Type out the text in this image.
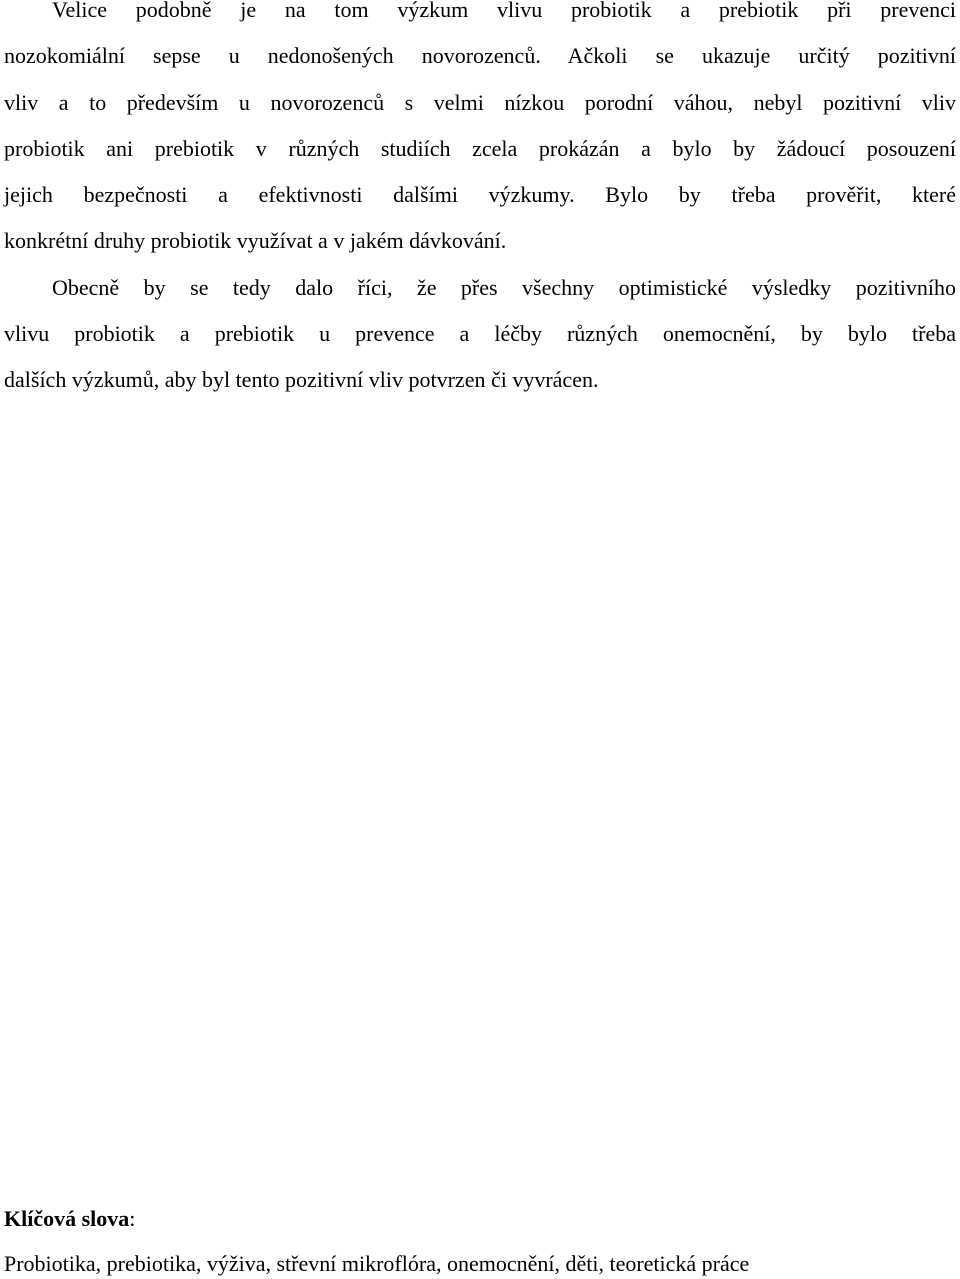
Velice podobně je na tom výzkum vlivu probiotik a prebiotik při prevenci
nozokomiální sepse u nedonošených novorozenců. Ačkoli se ukazuje určitý pozitivní
vliv a to především u novorozenců s velmi nízkou porodní váhou, nebyl pozitivní vliv
probiotik ani prebiotik v různých studiích zcela prokázán a bylo by žádoucí posouzení
jejich bezpečnosti a efektivnosti dalšími výzkumy. Bylo by třeba prověřit, které
konkrétní druhy probiotik využívat a v jakém dávkování.

Obecně by se tedy dalo říci, že přes všechny optimistické výsledky pozitivního
vlivu probiotik a prebiotik u prevence a léčby různých onemocnění, by bylo třeba
dalších výzkumů, aby byl tento pozitivní vliv potvrzen či vyvrácen.

Klíčová slova:

Probiotika, prebiotika, výživa, střevní mikroflóra, onemocnění, děti, teoretická práce
